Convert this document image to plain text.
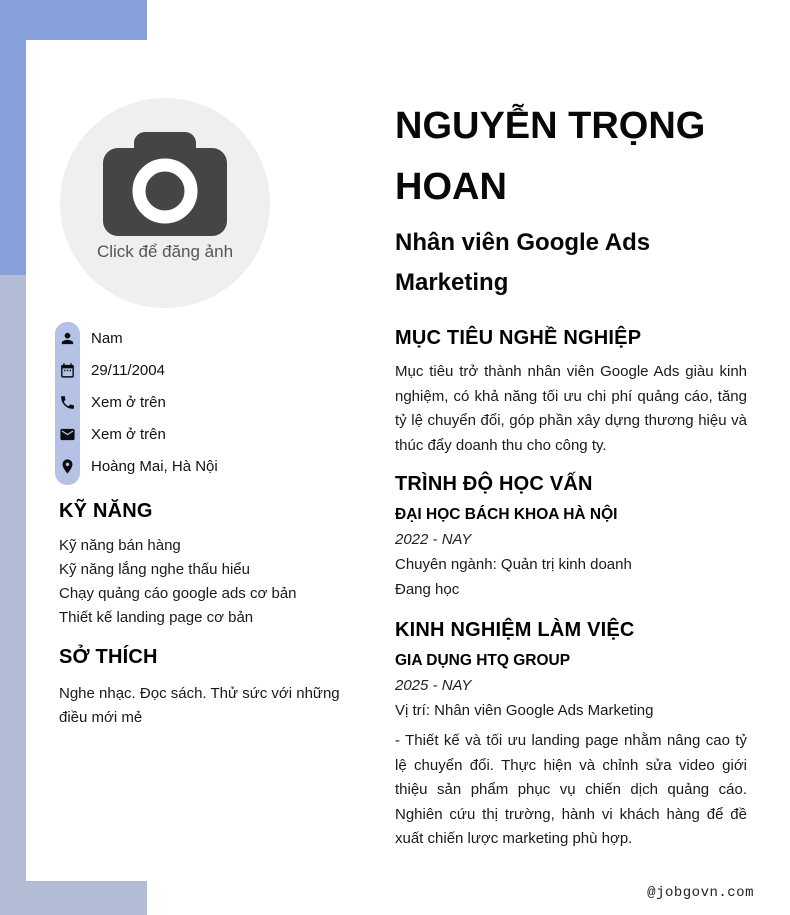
Click để đăng ảnh
Nam
29/11/2004
Xem ở trên
Xem ở trên
Hoàng Mai, Hà Nội
KỸ NĂNG
Kỹ năng bán hàng
Kỹ năng lắng nghe thấu hiểu
Chạy quảng cáo google ads cơ bản
Thiết kế landing page cơ bản
SỞ THÍCH

Nghe nhạc. Đọc sách. Thử sức với những điều mới mẻ

NGUYỄN TRỌNG HOAN
Nhân viên Google Ads Marketing
MỤC TIÊU NGHỀ NGHIỆP

Mục tiêu trở thành nhân viên Google Ads giàu kinh nghiệm, có khả năng tối ưu chi phí quảng cáo, tăng tỷ lệ chuyển đổi, góp phần xây dựng thương hiệu và thúc đẩy doanh thu cho công ty.

TRÌNH ĐỘ HỌC VẤN

ĐẠI HỌC BÁCH KHOA HÀ NỘI

2022 - NAY

Chuyên ngành: Quản trị kinh doanh

Đang học

KINH NGHIỆM LÀM VIỆC

GIA DỤNG HTQ GROUP

2025 - NAY

Vị trí: Nhân viên Google Ads Marketing

- Thiết kế và tối ưu landing page nhằm nâng cao tỷ lệ chuyển đổi. Thực hiện và chỉnh sửa video giới thiệu sản phẩm phục vụ chiến dịch quảng cáo. Nghiên cứu thị trường, hành vi khách hàng để đề xuất chiến lược marketing phù hợp.

@jobgovn.com
